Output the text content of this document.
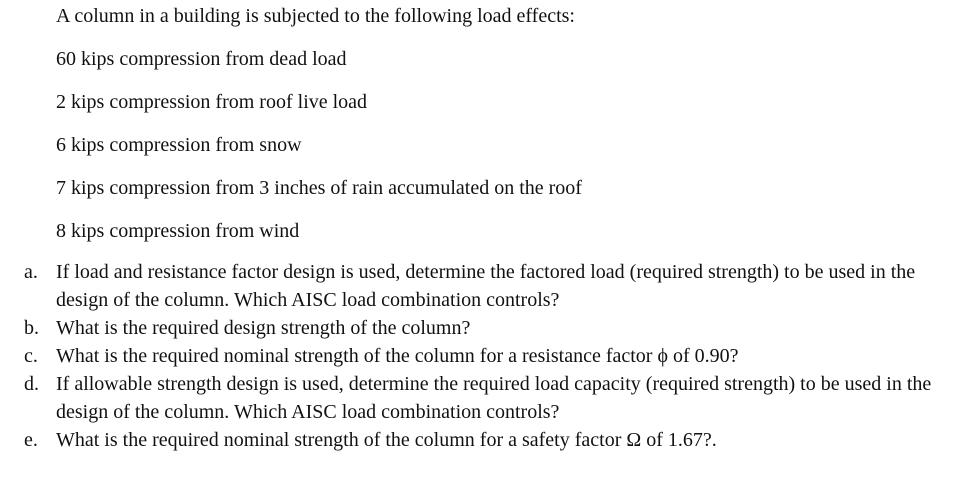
A column in a building is subjected to the following load effects:
60 kips compression from dead load
2 kips compression from roof live load
6 kips compression from snow
7 kips compression from 3 inches of rain accumulated on the roof
8 kips compression from wind
a. If load and resistance factor design is used, determine the factored load (required strength) to be used in the design of the column. Which AISC load combination controls?
b. What is the required design strength of the column?
c. What is the required nominal strength of the column for a resistance factor ϕ of 0.90?
d. If allowable strength design is used, determine the required load capacity (required strength) to be used in the design of the column. Which AISC load combination controls?
e. What is the required nominal strength of the column for a safety factor Ω of 1.67?.
